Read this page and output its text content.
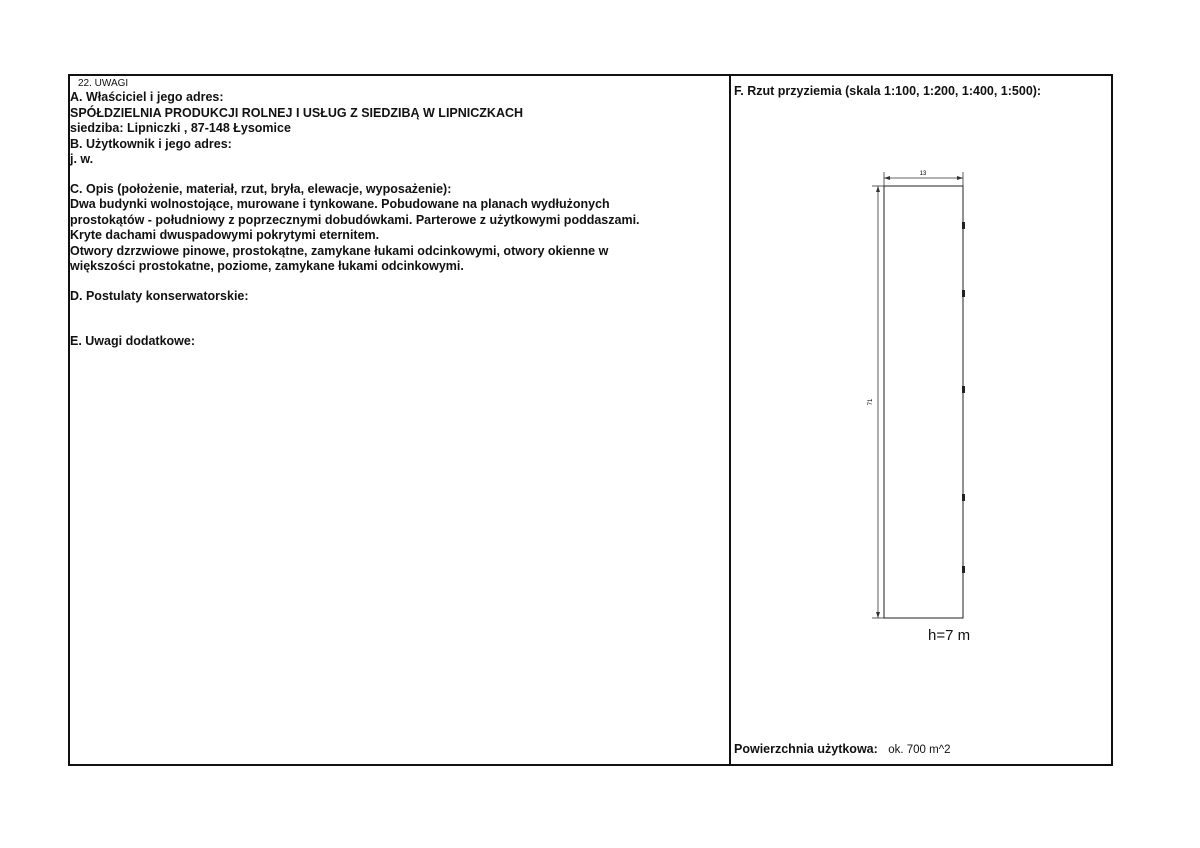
22. UWAGI
A. Właściciel i jego adres:
SPÓŁDZIELNIA PRODUKCJI ROLNEJ I USŁUG Z SIEDZIBĄ W LIPNICZKACH
siedziba: Lipniczki , 87-148 Łysomice
B. Użytkownik i jego adres:
j. w.
C. Opis (położenie, materiał, rzut, bryła, elewacje, wyposażenie):
Dwa budynki wolnostojące, murowane i tynkowane. Pobudowane na planach wydłużonych
prostokątów - południowy z poprzecznymi dobudówkami. Parterowe z użytkowymi poddaszami.
Kryte dachami dwuspadowymi pokrytymi eternitem.
Otwory dzrzwiowe pinowe, prostokątne, zamykane łukami odcinkowymi, otwory okienne w
większości prostokatne, poziome, zamykane łukami odcinkowymi.
D. Postulaty konserwatorskie:
E. Uwagi dodatkowe:
F. Rzut przyziemia (skala 1:100, 1:200, 1:400, 1:500):
13
71
h=7 m
Powierzchnia użytkowa: ok. 700 m^2
